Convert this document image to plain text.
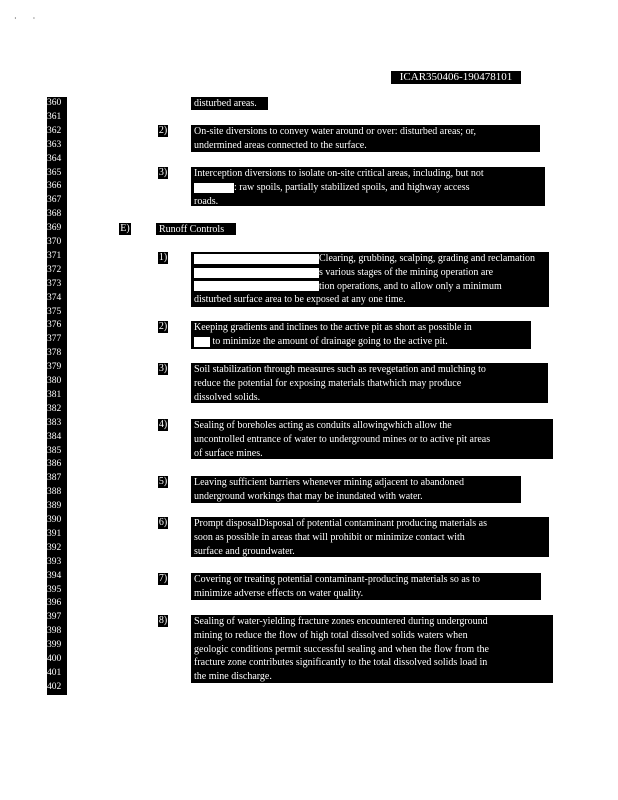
·        ·
ICAR350406-190478101
360
361
362
363
364
365
366
367
368
369
370
371
372
373
374
375
376
377
378
379
380
381
382
383
384
385
386
387
388
389
390
391
392
393
394
395
396
397
398
399
400
401
402
disturbed areas.
2)	On-site diversions to convey water around or over: disturbed areas; or,
undermined areas connected to the surface.
3)	Interception diversions to isolate on-site critical areas, including, but not
: raw spoils, partially stabilized spoils, and highway access
roads.
E)	Runoff Controls
1)	Clearing, grubbing, scalping, grading and reclamation
s various stages of the mining operation are
tion operations, and to allow only a minimum
disturbed surface area to be exposed at any one time.
2)	Keeping gradients and inclines to the active pit as short as possible in
to minimize the amount of drainage going to the active pit.
3)	Soil stabilization through measures such as revegetation and mulching to
reduce the potential for exposing materials thatwhich may produce
dissolved solids.
4)	Sealing of boreholes acting as conduits allowingwhich allow the
uncontrolled entrance of water to underground mines or to active pit areas
of surface mines.
5)	Leaving sufficient barriers whenever mining adjacent to abandoned
underground workings that may be inundated with water.
6)	Prompt disposalDisposal of potential contaminant producing materials as
soon as possible in areas that will prohibit or minimize contact with
surface and groundwater.
7)	Covering or treating potential contaminant-producing materials so as to
minimize adverse effects on water quality.
8)	Sealing of water-yielding fracture zones encountered during underground
mining to reduce the flow of high total dissolved solids waters when
geologic conditions permit successful sealing and when the flow from the
fracture zone contributes significantly to the total dissolved solids load in
the mine discharge.
